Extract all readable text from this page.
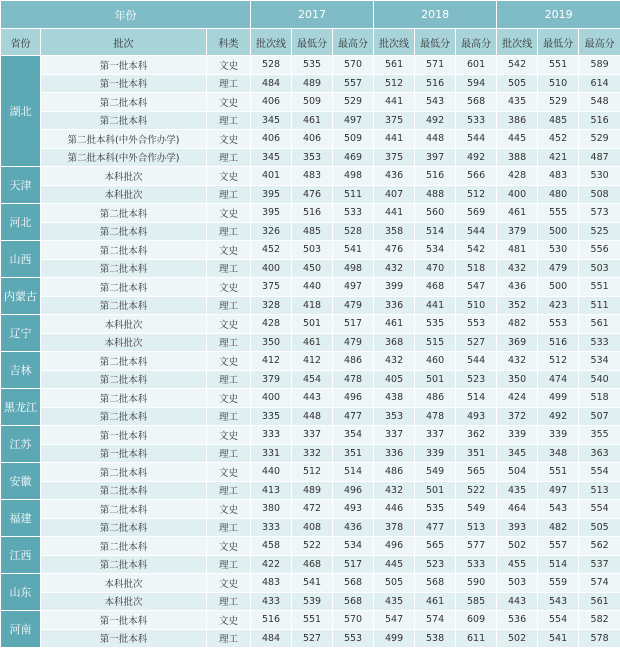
年份			2017			2018			2019		
省份	批次	科类	批次线	最低分	最高分	批次线	最低分	最高分	批次线	最低分	最高分
湖北	第一批本科	文史	528	535	570	561	571	601	542	551	589
	第一批本科	理工	484	489	557	512	516	594	505	510	614
	第二批本科	文史	406	509	529	441	543	568	435	529	548
	第二批本科	理工	345	461	497	375	492	533	386	485	516
	第二批本科(中外合作办学)	文史	406	406	509	441	448	544	445	452	529
	第二批本科(中外合作办学)	理工	345	353	469	375	397	492	388	421	487
天津	本科批次	文史	401	483	498	436	516	566	428	483	530
	本科批次	理工	395	476	511	407	488	512	400	480	508
河北	第二批本科	文史	395	516	533	441	560	569	461	555	573
	第二批本科	理工	326	485	528	358	514	544	379	500	525
山西	第二批本科	文史	452	503	541	476	534	542	481	530	556
	第二批本科	理工	400	450	498	432	470	518	432	479	503
内蒙古	第二批本科	文史	375	440	497	399	468	547	436	500	551
	第二批本科	理工	328	418	479	336	441	510	352	423	511
辽宁	本科批次	文史	428	501	517	461	535	553	482	553	561
	本科批次	理工	350	461	479	368	515	527	369	516	533
吉林	第二批本科	文史	412	412	486	432	460	544	432	512	534
	第二批本科	理工	379	454	478	405	501	523	350	474	540
黑龙江	第二批本科	文史	400	443	496	438	486	514	424	499	518
	第二批本科	理工	335	448	477	353	478	493	372	492	507
江苏	第一批本科	文史	333	337	354	337	337	362	339	339	355
	第一批本科	理工	331	332	351	336	339	351	345	348	363
安徽	第二批本科	文史	440	512	514	486	549	565	504	551	554
	第二批本科	理工	413	489	496	432	501	522	435	497	513
福建	第二批本科	文史	380	472	493	446	535	549	464	543	554
	第二批本科	理工	333	408	436	378	477	513	393	482	505
江西	第二批本科	文史	458	522	534	496	565	577	502	557	562
	第二批本科	理工	422	468	517	445	523	533	455	514	537
山东	本科批次	文史	483	541	568	505	568	590	503	559	574
	本科批次	理工	433	539	568	435	461	585	443	543	561
河南	第一批本科	文史	516	551	570	547	574	609	536	554	582
	第一批本科	理工	484	527	553	499	538	611	502	541	578
